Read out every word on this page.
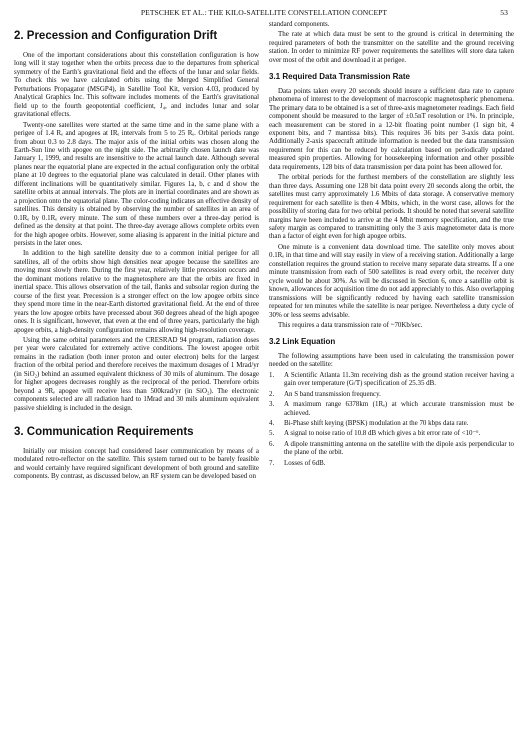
PETSCHEK ET AL.: THE KILO-SATELLITE CONSTELLATION CONCEPT	53
2. Precession and Configuration Drift

One of the important considerations about this constellation configuration is how long will it stay together when the orbits precess due to the departures from spherical symmetry of the Earth's gravitational field and the effects of the lunar and solar fields. To check this we have calculated orbits using the Merged Simplified General Perturbations Propagator (MSGP4), in Satellite Tool Kit, version 4.03, produced by Analytical Graphics Inc. This software includes moments of the Earth's gravitational field up to the fourth geopotential coefficient, J₄, and includes lunar and solar gravitational effects.

Twenty-one satellites were started at the same time and in the same plane with a perigee of 1.4 Rₑ and apogees at IRₑ intervals from 5 to 25 Rₑ. Orbital periods range from about 0.3 to 2.8 days. The major axis of the initial orbits was chosen along the Earth-Sun line with apogee on the night side. The arbitrarily chosen launch date was January 1, 1999, and results are insensitive to the actual launch date. Although several planes near the equatorial plane are expected in the actual configuration only the orbital plane at 10 degrees to the equatorial plane was calculated in detail. Other planes with different inclinations will be quantitatively similar. Figures 1a, b, c and d show the satellite orbits at annual intervals. The plots are in inertial coordinates and are shown as a projection onto the equatorial plane. The color-coding indicates an effective density of satellites. This density is obtained by observing the number of satellites in an area of 0.1Rₑ by 0.1Rₑ every minute. The sum of these numbers over a three-day period is defined as the density at that point. The three-day average allows complete orbits even for the high apogee orbits. However, some aliasing is apparent in the initial picture and persists in the later ones.

In addition to the high satellite density due to a common initial perigee for all satellites, all of the orbits show high densities near apogee because the satellites are moving most slowly there. During the first year, relatively little precession occurs and the dominant motions relative to the magnetosphere are that the orbits are fixed in inertial space. This allows observation of the tail, flanks and subsolar region during the course of the first year. Precession is a stronger effect on the low apogee orbits since they spend more time in the near-Earth distorted gravitational field. At the end of three years the low apogee orbits have precessed about 360 degrees ahead of the high apogee ones. It is significant, however, that even at the end of three years, particularly the high apogee orbits, a high-density configuration remains allowing high-resolution coverage.

Using the same orbital parameters and the CRESRAD 94 program, radiation doses per year were calculated for extremely active conditions. The lowest apogee orbit remains in the radiation (both inner proton and outer electron) belts for the largest fraction of the orbital period and therefore receives the maximum dosages of 1 Mrad/yr (in SiO₂) behind an assumed equivalent thickness of 30 mils of aluminum. The dosage for higher apogees decreases roughly as the reciprocal of the period. Therefore orbits beyond a 9Rₑ apogee will receive less than 500krad/yr (in SiO₂). The electronic components selected are all radiation hard to 1Mrad and 30 mils aluminum equivalent passive shielding is included in the design.

3. Communication Requirements

Initially our mission concept had considered laser communication by means of a modulated retro-reflector on the satellite. This system turned out to be barely feasible and would certainly have required significant development of both ground and satellite components. By contrast, as discussed below, an RF system can be developed based on

standard components.

The rate at which data must be sent to the ground is critical in determining the required parameters of both the transmitter on the satellite and the ground receiving station. In order to minimize RF power requirements the satellites will store data taken over most of the orbit and download it at perigee.

3.1 Required Data Transmission Rate

Data points taken every 20 seconds should insure a sufficient data rate to capture phenomena of interest to the development of macroscopic magnetospheric phenomena. The primary data to be obtained is a set of three-axis magnetometer readings. Each field component should be measured to the larger of ±0.5nT resolution or 1%. In principle, each measurement can be stored in a 12-bit floating point number (1 sign bit, 4 exponent bits, and 7 mantissa bits). This requires 36 bits per 3-axis data point. Additionally 2-axis spacecraft attitude information is needed but the data transmission requirement for this can be reduced by calculation based on periodically updated measured spin properties. Allowing for housekeeping information and other possible data requirements, 128 bits of data transmission per data point has been allowed for.

The orbital periods for the furthest members of the constellation are slightly less than three days. Assuming one 128 bit data point every 20 seconds along the orbit, the satellites must carry approximately 1.6 Mbits of data storage. A conservative memory requirement for each satellite is then 4 Mbits, which, in the worst case, allows for the possibility of storing data for two orbital periods. It should be noted that several satellite margins have been included to arrive at the 4 Mbit memory specification, and the true safety margin as compared to transmitting only the 3 axis magnetometer data is more than a factor of eight even for high apogee orbits.

One minute is a convenient data download time. The satellite only moves about 0.1Rₑ in that time and will stay easily in view of a receiving station. Additionally a large constellation requires the ground station to receive many separate data streams. If a one minute transmission from each of 500 satellites is read every orbit, the receiver duty cycle would be about 30%. As will be discussed in Section 6, once a satellite orbit is known, allowances for acquisition time do not add appreciably to this. Also overlapping transmissions will be significantly reduced by having each satellite transmission repeated for ten minutes while the satellite is near perigee. Nevertheless a duty cycle of 30% or less seems advisable.

This requires a data transmission rate of ~70Kb/sec.

3.2 Link Equation

The following assumptions have been used in calculating the transmission power needed on the satellite:

1.	A Scientific Atlanta 11.3m receiving dish as the ground station receiver having a gain over temperature (G/T) specification of 25.35 dB.
2.	An S band transmission frequency.
3.	A maximum range 6378km (1Rₑ) at which accurate transmission must be achieved.
4.	Bi-Phase shift keying (BPSK) modulation at the 70 kbps data rate.
5.	A signal to noise ratio of 10.8 dB which gives a bit error rate of <10⁻⁶.
6.	A dipole transmitting antenna on the satellite with the dipole axis perpendicular to the plane of the orbit.
7.	Losses of 6dB.
